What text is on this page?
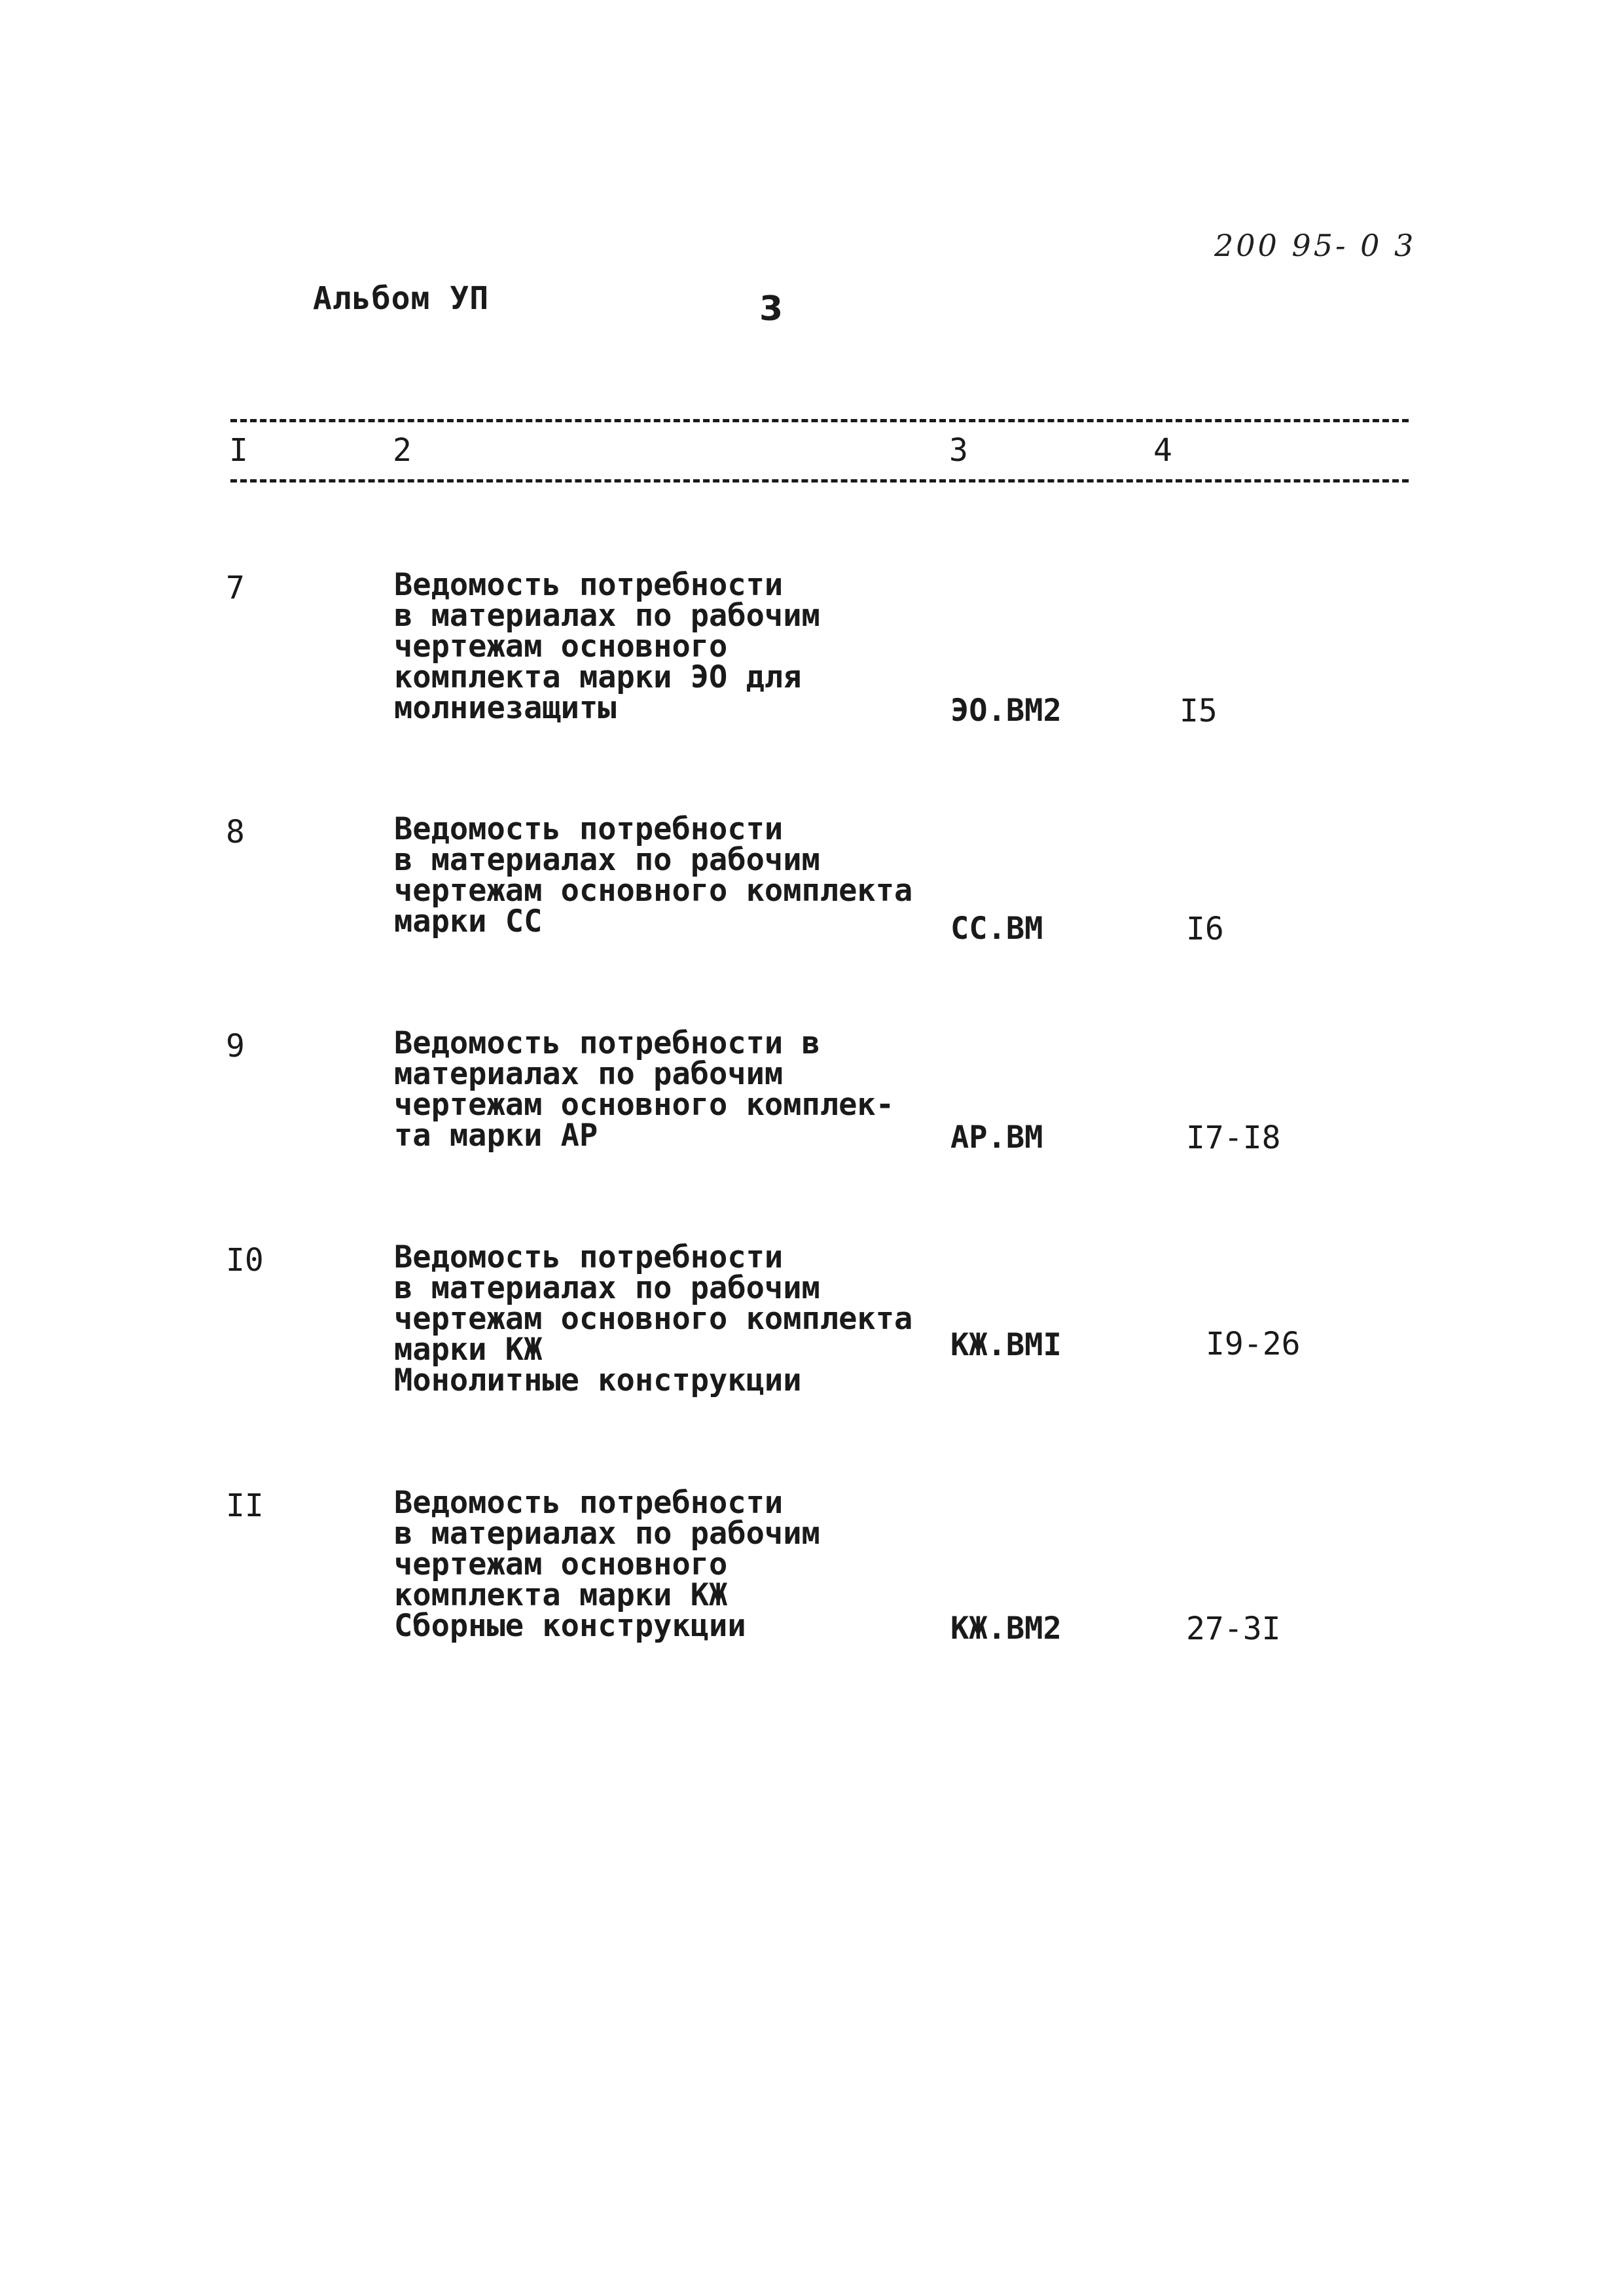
200 95- 0 3
Альбом УП	3
I	2	3	4
7	Ведомость потребности
в материалах по рабочим
чертежам основного
комплекта марки ЭО для
молниезащиты	ЭО.ВМ2	I5
8	Ведомость потребности
в материалах по рабочим
чертежам основного комплекта
марки СС	СС.ВМ	I6
9	Ведомость потребности в
материалах по рабочим
чертежам основного комплек-
та марки АР	АР.ВМ	I7-I8
I0	Ведомость потребности
в материалах по рабочим
чертежам основного комплекта
марки КЖ
Монолитные конструкции
КЖ.ВМI	I9-26
II	Ведомость потребности
в материалах по рабочим
чертежам основного
комплекта марки КЖ
Сборные конструкции	КЖ.ВМ2	27-3I
